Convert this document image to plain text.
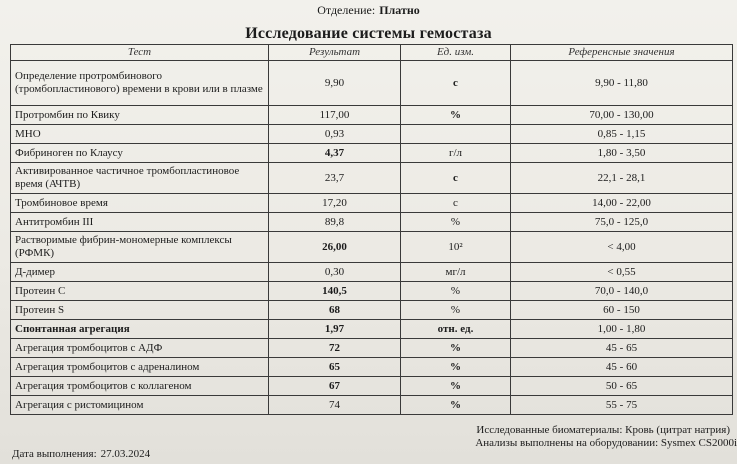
Отделение: Платно
Исследование системы гемостаза
Тест	Результат	Ед. изм.	Референсные значения
Определение протромбинового (тромбопластинового) времени в крови или в плазме	9,90	с	9,90 - 11,80
Протромбин по Квику	117,00	%	70,00 - 130,00
МНО	0,93		0,85 - 1,15
Фибриноген по Клаусу	4,37	г/л	1,80 - 3,50
Активированное частичное тромбопластиновое время (АЧТВ)	23,7	с	22,1 - 28,1
Тромбиновое время	17,20	с	14,00 - 22,00
Антитромбин III	89,8	%	75,0 - 125,0
Растворимые фибрин-мономерные комплексы (РФМК)	26,00	10²	< 4,00
Д-димер	0,30	мг/л	< 0,55
Протеин С	140,5	%	70,0 - 140,0
Протеин S	68	%	60 - 150
Спонтанная агрегация	1,97	отн. ед.	1,00 - 1,80
Агрегация тромбоцитов с АДФ	72	%	45 - 65
Агрегация тромбоцитов с адреналином	65	%	45 - 60
Агрегация тромбоцитов с коллагеном	67	%	50 - 65
Агрегация с ристомицином	74	%	55 - 75
Исследованные биоматериалы: Кровь (цитрат натрия)
Анализы выполнены на оборудовании: Sysmex CS2000i
Дата выполнения: 27.03.2024
